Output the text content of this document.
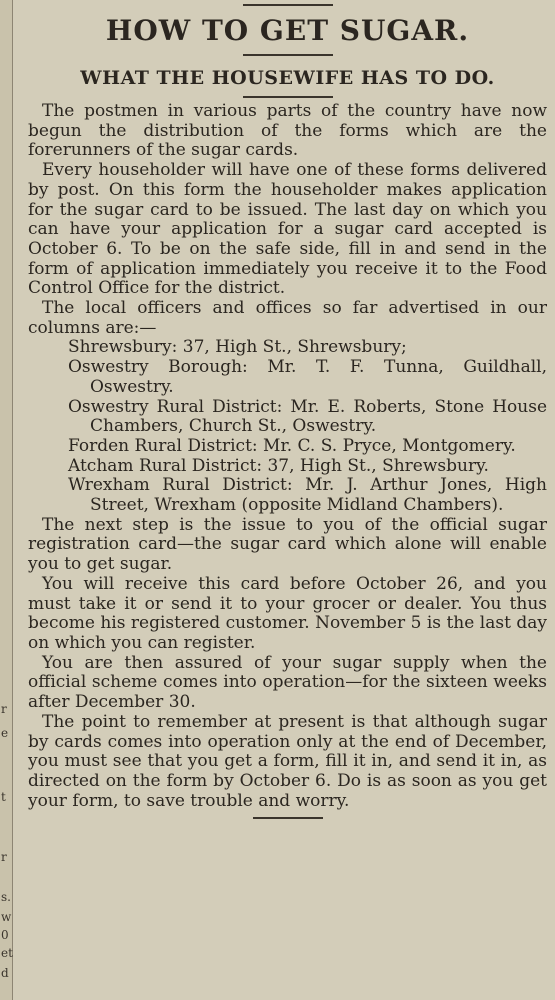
r
e
t
r
s.
w
0
et
d
HOW TO GET SUGAR.
WHAT THE HOUSEWIFE HAS TO DO.

The postmen in various parts of the country have now begun the distribution of the forms which are the forerunners of the sugar cards.

Every householder will have one of these forms delivered by post. On this form the householder makes application for the sugar card to be issued. The last day on which you can have your application for a sugar card accepted is October 6. To be on the safe side, fill in and send in the form of application immediately you receive it to the Food Control Office for the district.

The local officers and offices so far advertised in our columns are:—

Shrewsbury: 37, High St., Shrewsbury;

Oswestry Borough: Mr. T. F. Tunna, Guildhall, Oswestry.

Oswestry Rural District: Mr. E. Roberts, Stone House Chambers, Church St., Oswestry.

Forden Rural District: Mr. C. S. Pryce, Montgomery.

Atcham Rural District: 37, High St., Shrewsbury.

Wrexham Rural District: Mr. J. Arthur Jones, High Street, Wrexham (opposite Midland Chambers).

The next step is the issue to you of the official sugar registration card—the sugar card which alone will enable you to get sugar.

You will receive this card before October 26, and you must take it or send it to your grocer or dealer. You thus become his registered customer. November 5 is the last day on which you can register.

You are then assured of your sugar supply when the official scheme comes into operation—for the sixteen weeks after December 30.

The point to remember at present is that although sugar by cards comes into operation only at the end of December, you must see that you get a form, fill it in, and send it in, as directed on the form by October 6. Do is as soon as you get your form, to save trouble and worry.
